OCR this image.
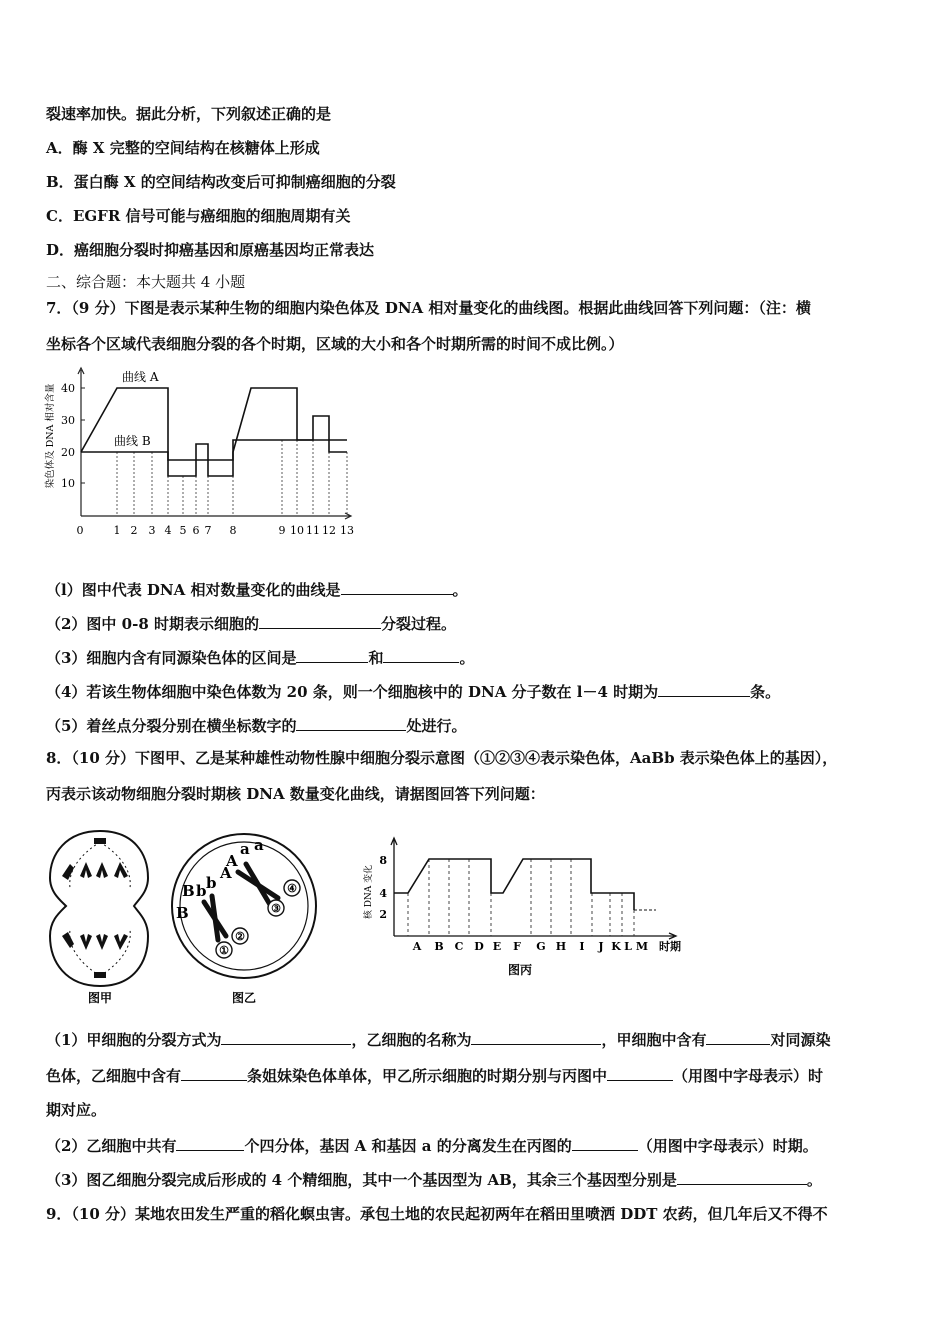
裂速率加快。据此分析，下列叙述正确的是
A．酶 X 完整的空间结构在核糖体上形成
B．蛋白酶 X 的空间结构改变后可抑制癌细胞的分裂
C．EGFR 信号可能与癌细胞的细胞周期有关
D．癌细胞分裂时抑癌基因和原癌基因均正常表达
二、综合题：本大题共 4 小题
7．（9 分）下图是表示某种生物的细胞内染色体及 DNA 相对量变化的曲线图。根据此曲线回答下列问题：（注：横
坐标各个区域代表细胞分裂的各个时期，区域的大小和各个时期所需的时间不成比例。）
染色体及 DNA 相对含量 40
30
20
10
曲线 A
曲线 B
0	1 2 3 4 5 6 7 8	9 10 11 12 13
（l）图中代表 DNA 相对数量变化的曲线是	。
（2）图中 0-8 时期表示细胞的	分裂过程。
（3）细胞内含有同源染色体的区间是	和	。
（4）若该生物体细胞中染色体数为 20 条，则一个细胞核中的 DNA 分子数在 l－4 时期为	条。
（5）着丝点分裂分别在横坐标数字的	处进行。
8．（10 分）下图甲、乙是某种雄性动物性腺中细胞分裂示意图（①②③④表示染色体，AaBb 表示染色体上的基因），
丙表示该动物细胞分裂时期核 DNA 数量变化曲线，请据图回答下列问题：
图甲
A
a a
A
B b b
B
①
②
③
④
图乙
核 DNA 变化
8
4
2
A B C D E F G H I J K L M 时期
图丙
（1）甲细胞的分裂方式为	，乙细胞的名称为	，甲细胞中含有	对同源染
色体，乙细胞中含有	条姐妹染色体单体，甲乙所示细胞的时期分别与丙图中	（用图中字母表示）时
期对应。
（2）乙细胞中共有	个四分体，基因 A 和基因 a 的分离发生在丙图的	（用图中字母表示）时期。
（3）图乙细胞分裂完成后形成的 4 个精细胞，其中一个基因型为 AB，其余三个基因型分别是	。
9．（10 分）某地农田发生严重的稻化螟虫害。承包土地的农民起初两年在稻田里喷洒 DDT 农药，但几年后又不得不
